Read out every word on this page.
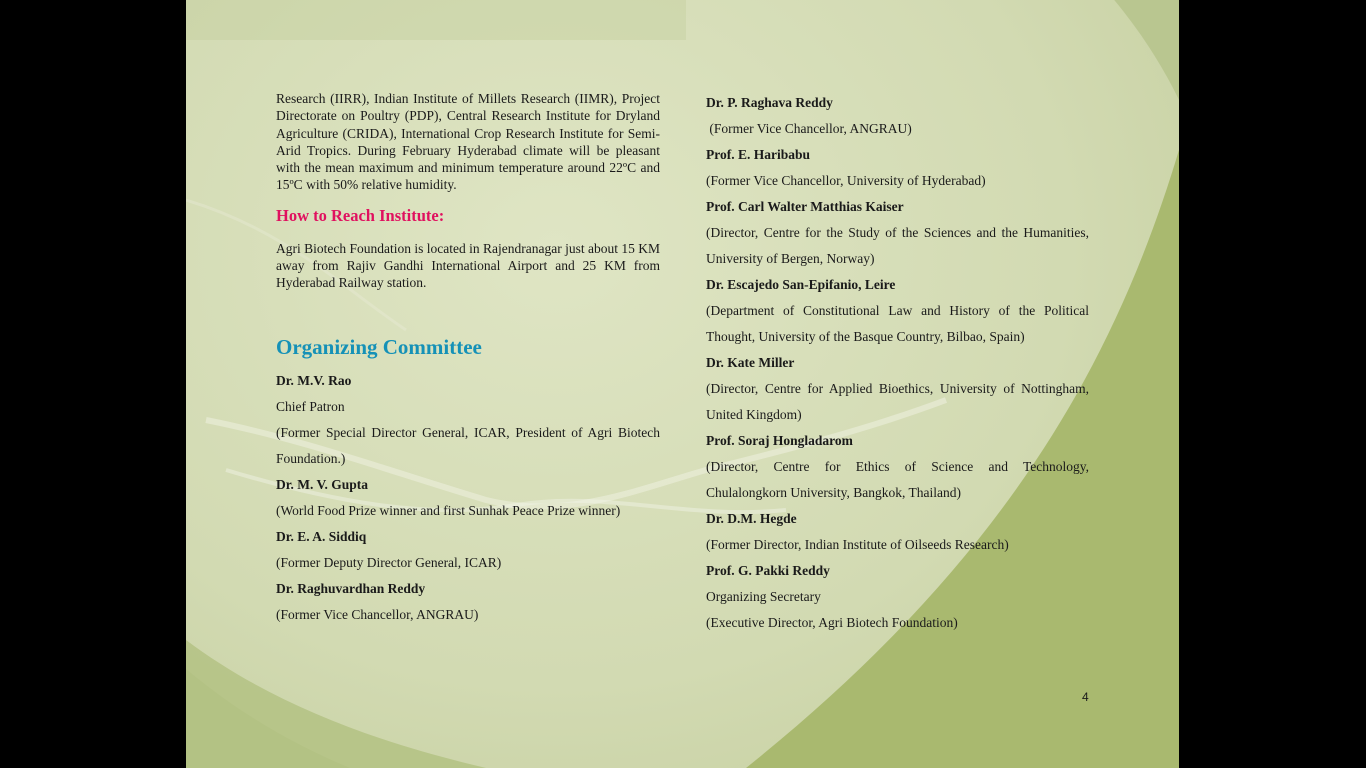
Research (IIRR), Indian Institute of Millets Research (IIMR), Project Directorate on Poultry (PDP), Central Research Institute for Dryland Agriculture (CRIDA), International Crop Research Institute for Semi-Arid Tropics. During February Hyderabad climate will be pleasant with the mean maximum and minimum temperature around 22ºC and 15ºC with 50% relative humidity.

How to Reach Institute:

Agri Biotech Foundation is located in Rajendranagar just about 15 KM away from Rajiv Gandhi International Airport and 25 KM from Hyderabad Railway station.

Organizing Committee

Dr. M.V. Rao

Chief Patron

(Former Special Director General, ICAR, President of Agri Biotech Foundation.)

Dr. M. V. Gupta

(World Food Prize winner and first Sunhak Peace Prize winner)

Dr. E. A. Siddiq

(Former Deputy Director General, ICAR)

Dr. Raghuvardhan Reddy

(Former Vice Chancellor, ANGRAU)

Dr. P. Raghava Reddy

(Former Vice Chancellor, ANGRAU)

Prof. E. Haribabu

(Former Vice Chancellor, University of Hyderabad)

Prof. Carl Walter Matthias Kaiser

(Director, Centre for the Study of the Sciences and the Humanities, University of Bergen, Norway)

Dr. Escajedo San-Epifanio, Leire

(Department of Constitutional Law and History of the Political Thought, University of the Basque Country, Bilbao, Spain)

Dr. Kate Miller

(Director, Centre for Applied Bioethics, University of Nottingham, United Kingdom)

Prof. Soraj Hongladarom

(Director, Centre for Ethics of Science and Technology, Chulalongkorn University, Bangkok, Thailand)

Dr. D.M. Hegde

(Former Director, Indian Institute of Oilseeds Research)

Prof. G. Pakki Reddy

Organizing Secretary

(Executive Director, Agri Biotech Foundation)

4
